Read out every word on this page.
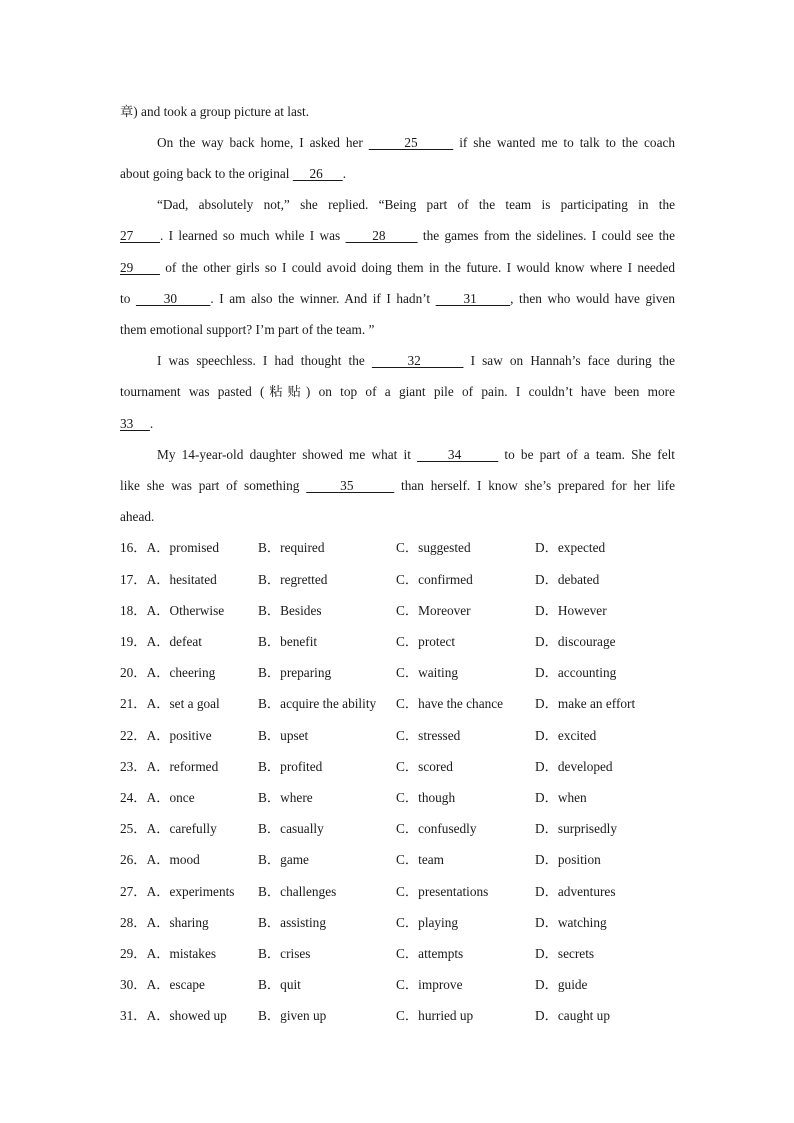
章) and took a group picture at last.
On the way back home, I asked her       25       if she wanted me to talk to the coach
about going back to the original      26      .
“Dad, absolutely not,” she replied. “Being part of the team is participating in the
27     . I learned so much while I was      28       the games from the sidelines. I could see the
29      of the other girls so I could avoid doing them in the future. I would know where I needed
to      30      . I am also the winner. And if I hadn’t      31      , then who would have given
them emotional support? I’m part of the team. ”
I was speechless. I had thought the      32       I saw on Hannah’s face during the
tournament was pasted (粘贴) on top of a giant pile of pain. I couldn’t have been more
33     .
My 14-year-old daughter showed me what it      34       to be part of a team. She felt
like she was part of something      35       than herself. I know she’s prepared for her life
ahead.
16．A．promised	B．required	C．suggested	D．expected
17．A．hesitated	B．regretted	C．confirmed	D．debated
18．A．Otherwise	B．Besides	C．Moreover	D．However
19．A．defeat	B．benefit	C．protect	D．discourage
20．A．cheering	B．preparing	C．waiting	D．accounting
21．A．set a goal	B．acquire the ability C．have the chance D．make an effort
22．A．positive	B．upset	C．stressed	D．excited
23．A．reformed	B．profited	C．scored	D．developed
24．A．once	B．where	C．though	D．when
25．A．carefully	B．casually	C．confusedly	D．surprisedly
26．A．mood	B．game	C．team	D．position
27．A．experiments B．challenges	C．presentations	D．adventures
28．A．sharing	B．assisting	C．playing	D．watching
29．A．mistakes	B．crises	C．attempts	D．secrets
30．A．escape	B．quit	C．improve	D．guide
31．A．showed up B．given up	C．hurried up	D．caught up
